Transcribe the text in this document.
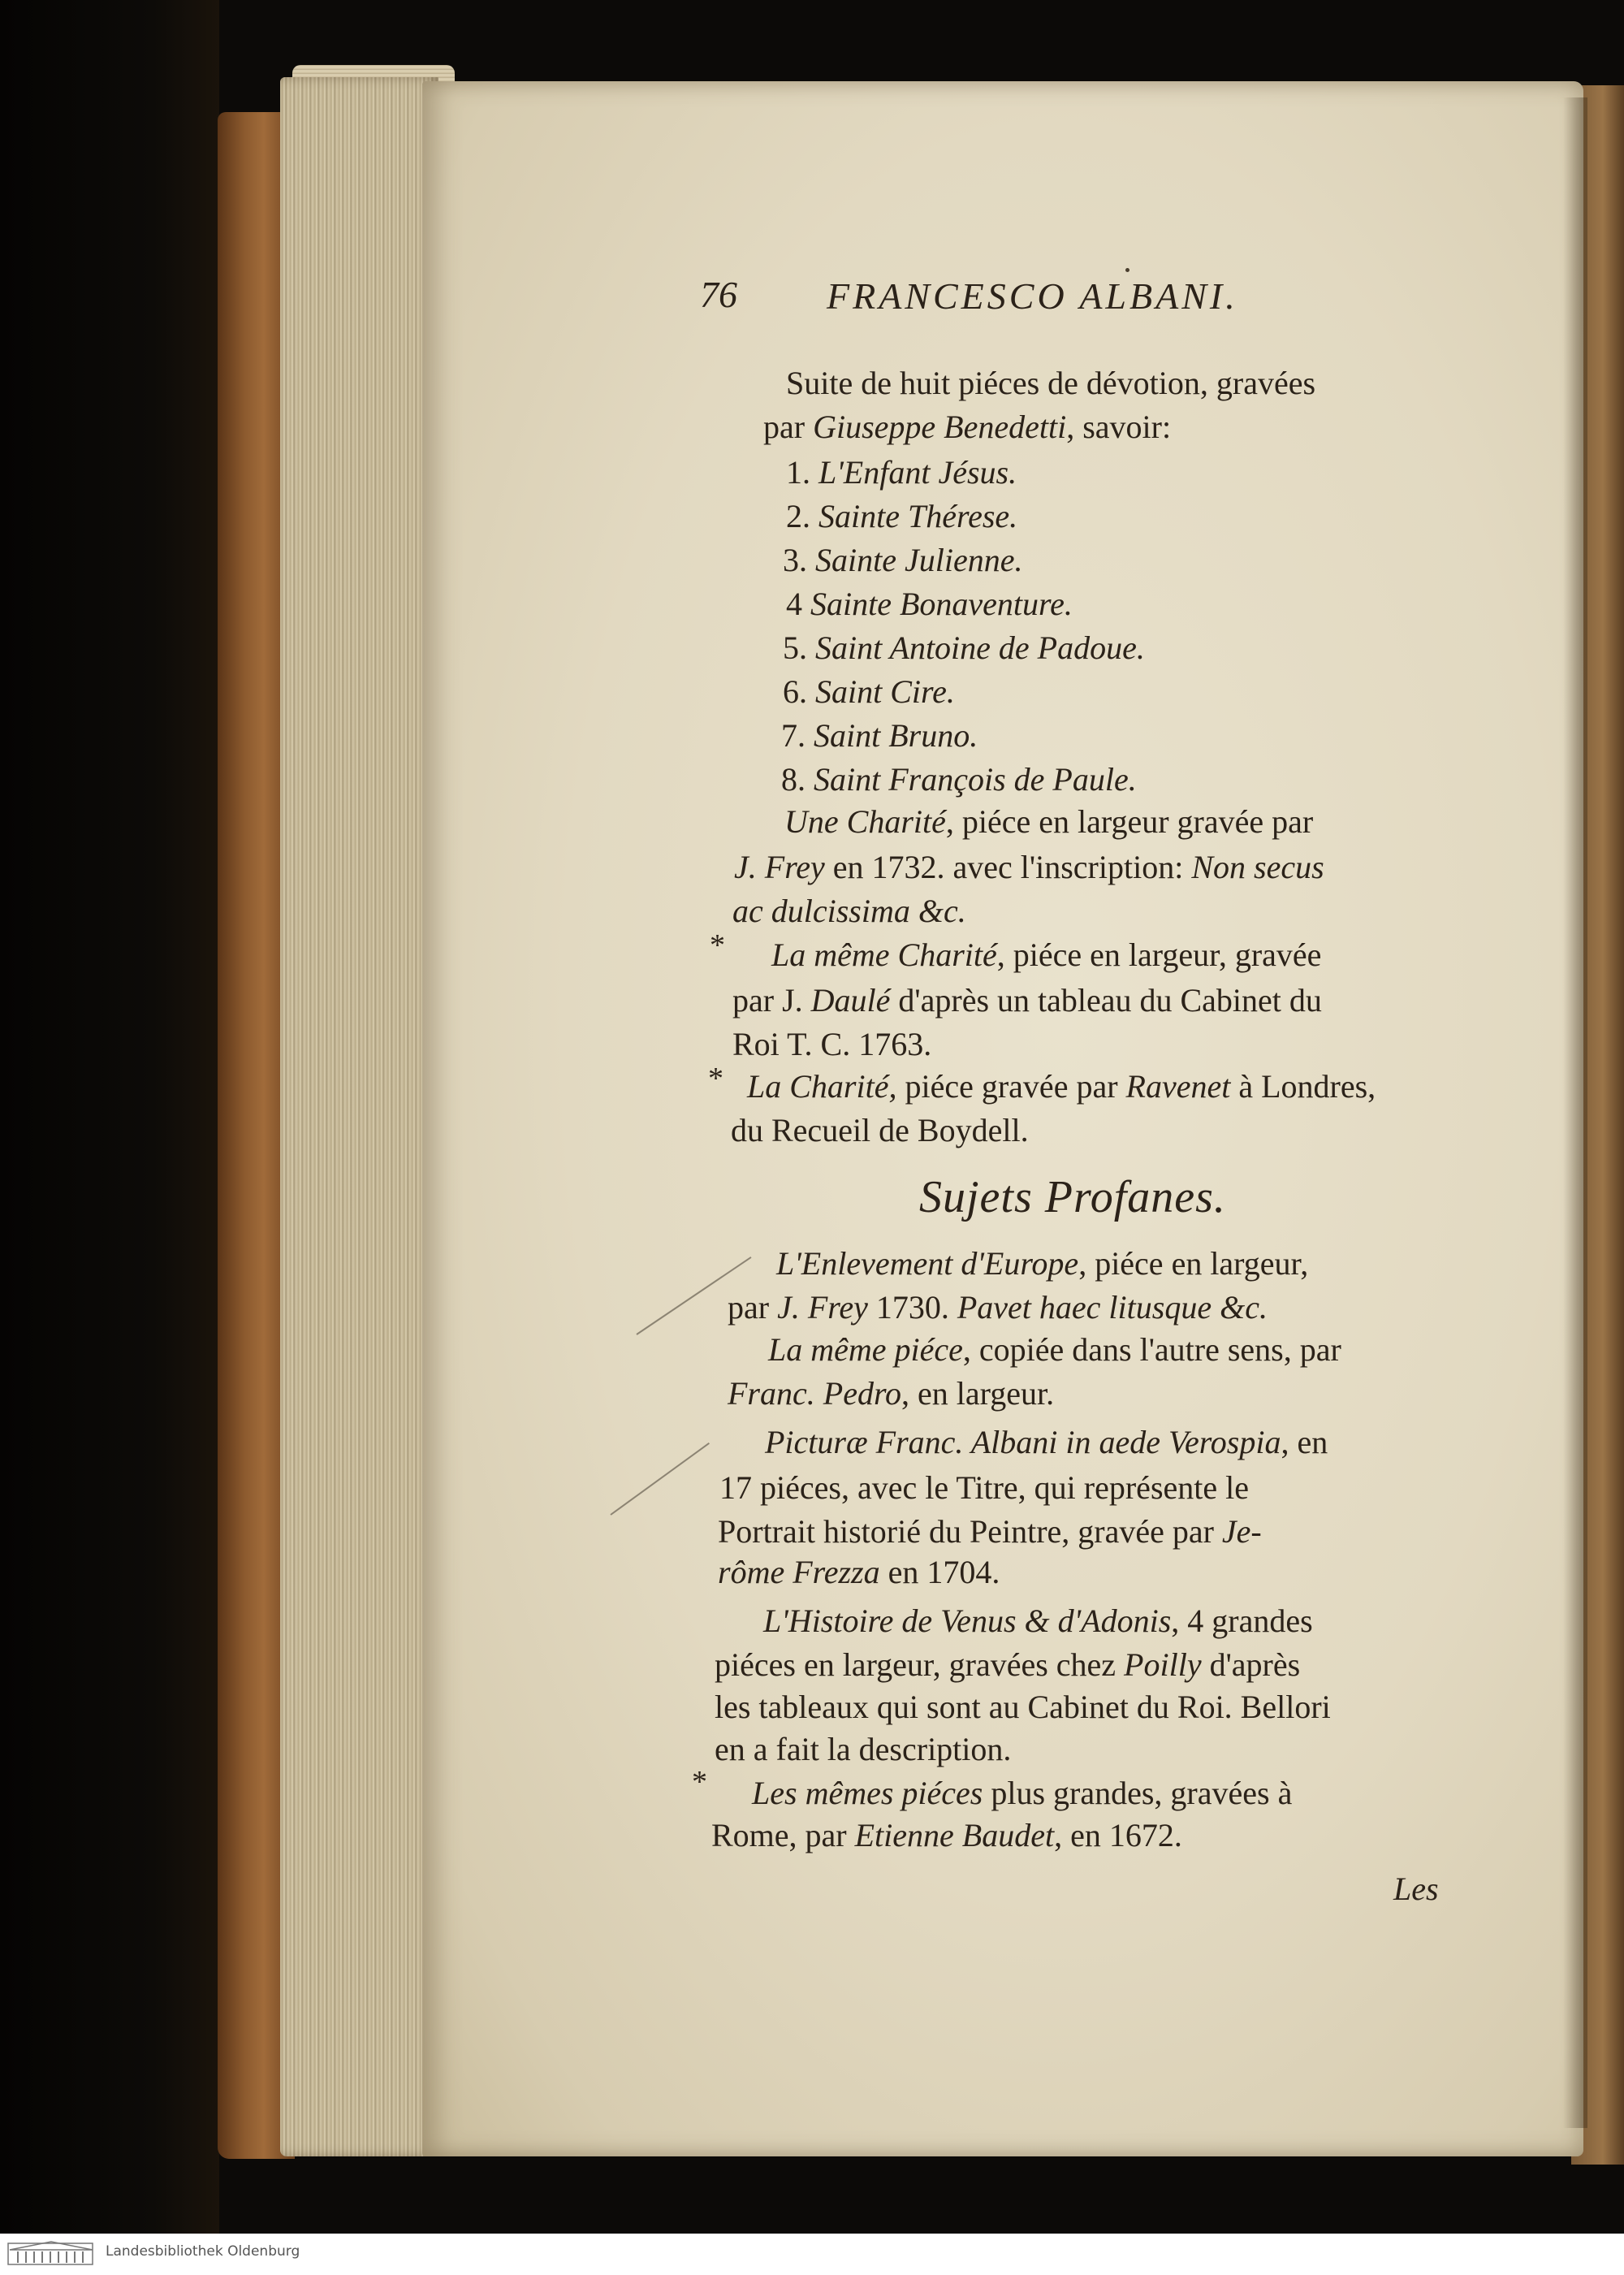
76 FRANCESCO ALBANI.
Suite de huit piéces de dévotion, gravées
par Giuseppe Benedetti, savoir:
1. L'Enfant Jésus.
2. Sainte Thérese.
3. Sainte Julienne.
4 Sainte Bonaventure.
5. Saint Antoine de Padoue.
6. Saint Cire.
7. Saint Bruno.
8. Saint François de Paule.
Une Charité, piéce en largeur gravée par
J. Frey en 1732. avec l'inscription: Non secus
ac dulcissima &c.
* La même Charité, piéce en largeur, gravée
par J. Daulé d'après un tableau du Cabinet du
Roi T. C. 1763.
* La Charité, piéce gravée par Ravenet à Londres,
du Recueil de Boydell.
Sujets Profanes.
L'Enlevement d'Europe, piéce en largeur,
par J. Frey 1730. Pavet haec litusque &c.
La même piéce, copiée dans l'autre sens, par
Franc. Pedro, en largeur.
Picturæ Franc. Albani in aede Verospia, en
17 piéces, avec le Titre, qui représente le
Portrait historié du Peintre, gravée par Je-
rôme Frezza en 1704.
L'Histoire de Venus & d'Adonis, 4 grandes
piéces en largeur, gravées chez Poilly d'après
les tableaux qui sont au Cabinet du Roi. Bellori
en a fait la description.
* Les mêmes piéces plus grandes, gravées à
Rome, par Etienne Baudet, en 1672.
Les
Landesbibliothek Oldenburg
